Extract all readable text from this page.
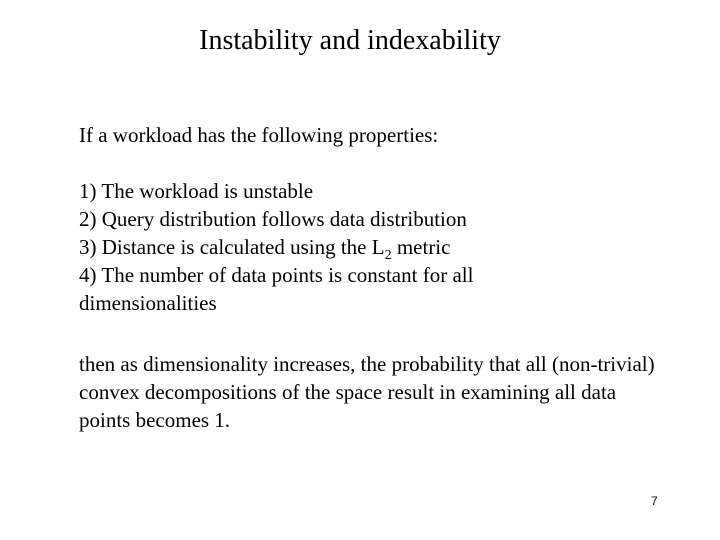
Instability and indexability
If a workload has the following properties:
1) The workload is unstable
2) Query distribution follows data distribution
3) Distance is calculated using the $L_2$ metric
4) The number of data points is constant for all dimensionalities
then as dimensionality increases, the probability that all (non-trivial) convex decompositions of the space result in examining all data points becomes 1.
7
